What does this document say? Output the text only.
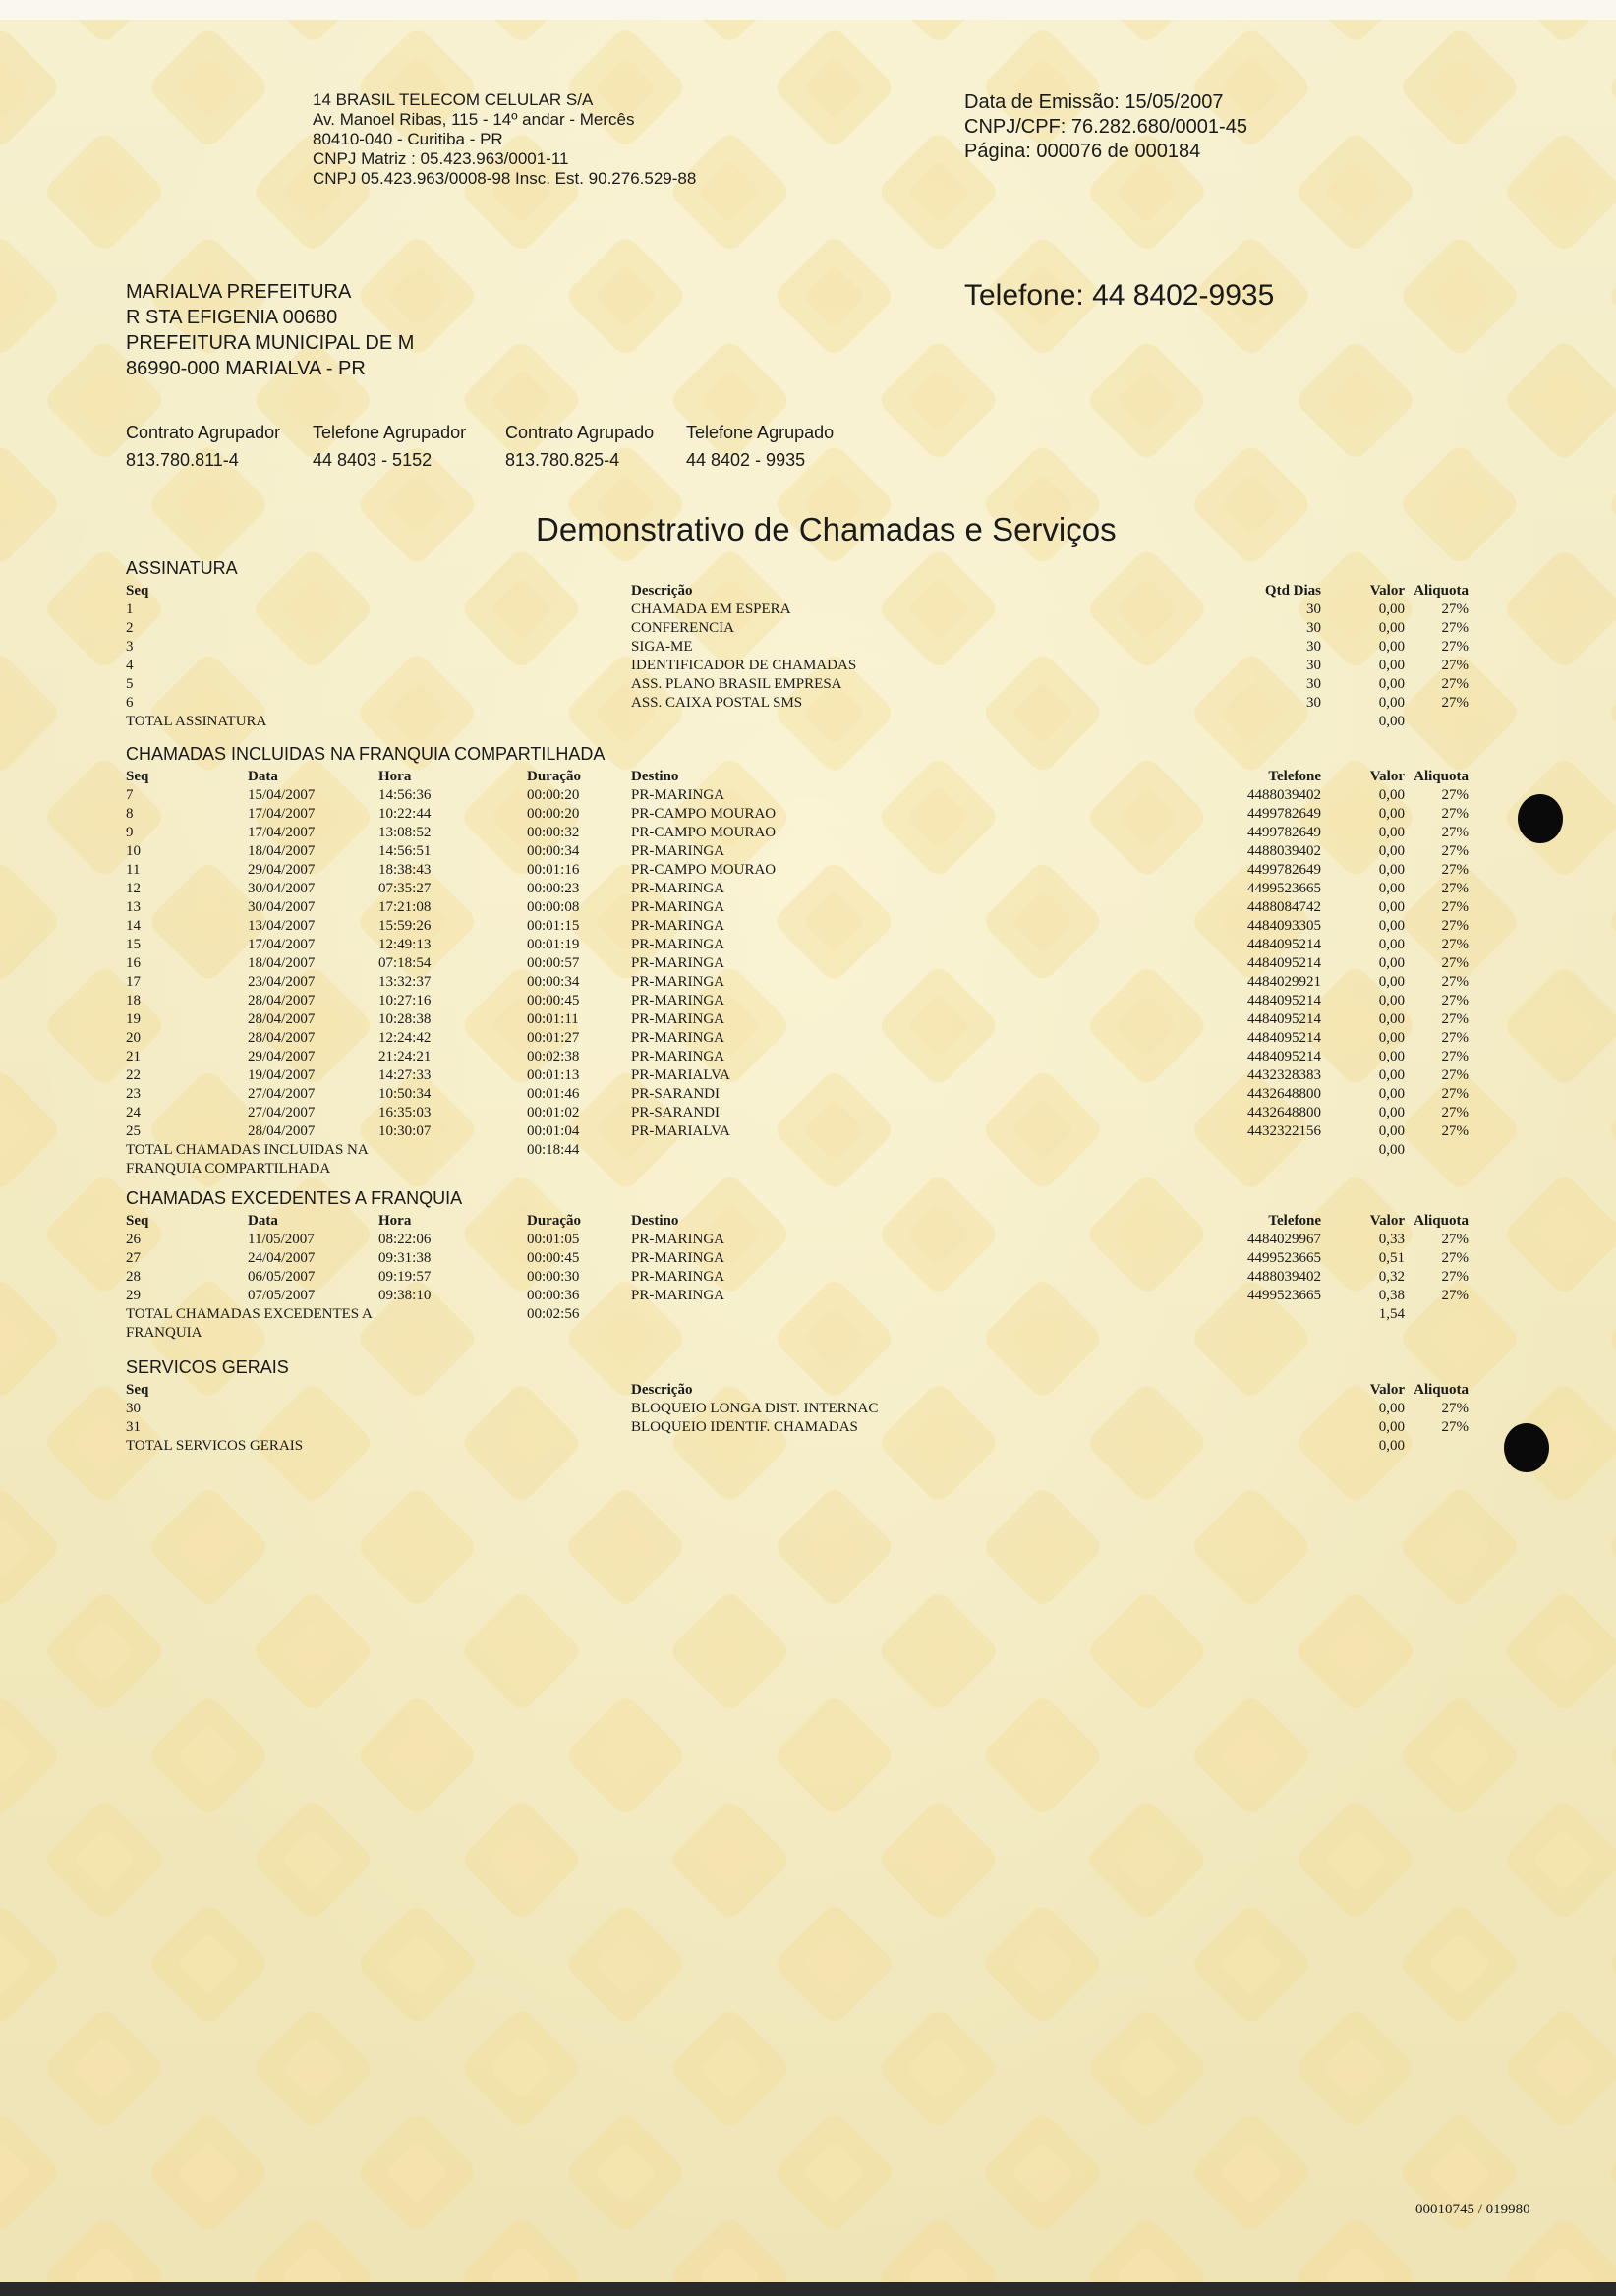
14 BRASIL TELECOM CELULAR S/A
Av. Manoel Ribas, 115 - 14º andar - Mercês
80410-040 - Curitiba - PR
CNPJ Matriz : 05.423.963/0001-11
CNPJ 05.423.963/0008-98 Insc. Est. 90.276.529-88
Data de Emissão: 15/05/2007
CNPJ/CPF: 76.282.680/0001-45
Página: 000076 de 000184
MARIALVA PREFEITURA
R STA EFIGENIA 00680
PREFEITURA MUNICIPAL DE M
86990-000 MARIALVA - PR
Telefone: 44 8402-9935
Contrato Agrupador
813.780.811-4
Telefone Agrupador
44 8403 - 5152
Contrato Agrupado
813.780.825-4
Telefone Agrupado
44 8402 - 9935
Demonstrativo de Chamadas e Serviços
ASSINATURA
Seq	Descrição	Qtd Dias	Valor	Aliquota
1	CHAMADA EM ESPERA	30	0,00	27%
2	CONFERENCIA	30	0,00	27%
3	SIGA-ME	30	0,00	27%
4	IDENTIFICADOR DE CHAMADAS	30	0,00	27%
5	ASS. PLANO BRASIL EMPRESA	30	0,00	27%
6	ASS. CAIXA POSTAL SMS	30	0,00	27%
TOTAL ASSINATURA			0,00	
CHAMADAS INCLUIDAS NA FRANQUIA COMPARTILHADA
Seq	Data	Hora	Duração	Destino	Telefone	Valor	Aliquota
7	15/04/2007	14:56:36	00:00:20	PR-MARINGA	4488039402	0,00	27%
8	17/04/2007	10:22:44	00:00:20	PR-CAMPO MOURAO	4499782649	0,00	27%
9	17/04/2007	13:08:52	00:00:32	PR-CAMPO MOURAO	4499782649	0,00	27%
10	18/04/2007	14:56:51	00:00:34	PR-MARINGA	4488039402	0,00	27%
11	29/04/2007	18:38:43	00:01:16	PR-CAMPO MOURAO	4499782649	0,00	27%
12	30/04/2007	07:35:27	00:00:23	PR-MARINGA	4499523665	0,00	27%
13	30/04/2007	17:21:08	00:00:08	PR-MARINGA	4488084742	0,00	27%
14	13/04/2007	15:59:26	00:01:15	PR-MARINGA	4484093305	0,00	27%
15	17/04/2007	12:49:13	00:01:19	PR-MARINGA	4484095214	0,00	27%
16	18/04/2007	07:18:54	00:00:57	PR-MARINGA	4484095214	0,00	27%
17	23/04/2007	13:32:37	00:00:34	PR-MARINGA	4484029921	0,00	27%
18	28/04/2007	10:27:16	00:00:45	PR-MARINGA	4484095214	0,00	27%
19	28/04/2007	10:28:38	00:01:11	PR-MARINGA	4484095214	0,00	27%
20	28/04/2007	12:24:42	00:01:27	PR-MARINGA	4484095214	0,00	27%
21	29/04/2007	21:24:21	00:02:38	PR-MARINGA	4484095214	0,00	27%
22	19/04/2007	14:27:33	00:01:13	PR-MARIALVA	4432328383	0,00	27%
23	27/04/2007	10:50:34	00:01:46	PR-SARANDI	4432648800	0,00	27%
24	27/04/2007	16:35:03	00:01:02	PR-SARANDI	4432648800	0,00	27%
25	28/04/2007	10:30:07	00:01:04	PR-MARIALVA	4432322156	0,00	27%
TOTAL CHAMADAS INCLUIDAS NA			00:18:44			0,00	
FRANQUIA COMPARTILHADA							
CHAMADAS EXCEDENTES A FRANQUIA
Seq	Data	Hora	Duração	Destino	Telefone	Valor	Aliquota
26	11/05/2007	08:22:06	00:01:05	PR-MARINGA	4484029967	0,33	27%
27	24/04/2007	09:31:38	00:00:45	PR-MARINGA	4499523665	0,51	27%
28	06/05/2007	09:19:57	00:00:30	PR-MARINGA	4488039402	0,32	27%
29	07/05/2007	09:38:10	00:00:36	PR-MARINGA	4499523665	0,38	27%
TOTAL CHAMADAS EXCEDENTES A			00:02:56			1,54	
FRANQUIA							
SERVICOS GERAIS
Seq	Descrição	Valor	Aliquota
30	BLOQUEIO LONGA DIST. INTERNAC	0,00	27%
31	BLOQUEIO IDENTIF. CHAMADAS	0,00	27%
TOTAL SERVICOS GERAIS		0,00	
00010745 / 019980
